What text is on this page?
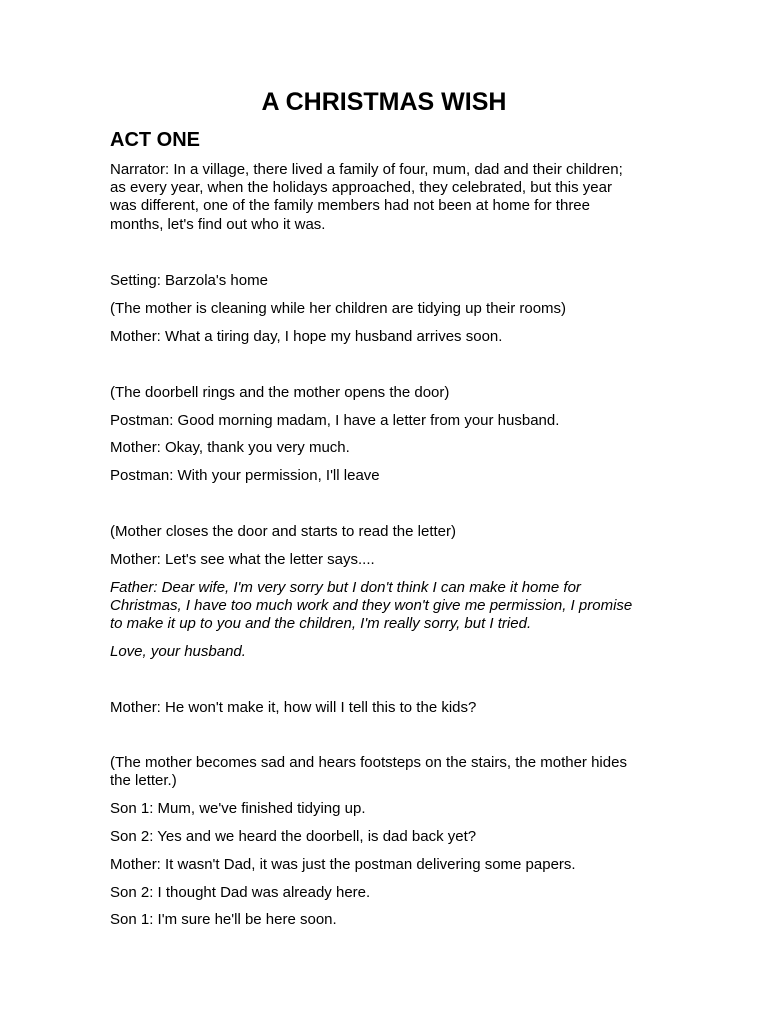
A CHRISTMAS WISH
ACT ONE

Narrator: In a village, there lived a family of four, mum, dad and their children;
as every year, when the holidays approached, they celebrated, but this year
was different, one of the family members had not been at home for three
months, let's find out who it was.

Setting: Barzola's home

(The mother is cleaning while her children are tidying up their rooms)

Mother: What a tiring day, I hope my husband arrives soon.

(The doorbell rings and the mother opens the door)

Postman: Good morning madam, I have a letter from your husband.

Mother: Okay, thank you very much.

Postman: With your permission, I'll leave

(Mother closes the door and starts to read the letter)

Mother: Let's see what the letter says....

Father: Dear wife, I'm very sorry but I don't think I can make it home for
Christmas, I have too much work and they won't give me permission, I promise
to make it up to you and the children, I'm really sorry, but I tried.

Love, your husband.

Mother: He won't make it, how will I tell this to the kids?

(The mother becomes sad and hears footsteps on the stairs, the mother hides
the letter.)

Son 1: Mum, we've finished tidying up.

Son 2: Yes and we heard the doorbell, is dad back yet?

Mother: It wasn't Dad, it was just the postman delivering some papers.

Son 2: I thought Dad was already here.

Son 1: I'm sure he'll be here soon.
